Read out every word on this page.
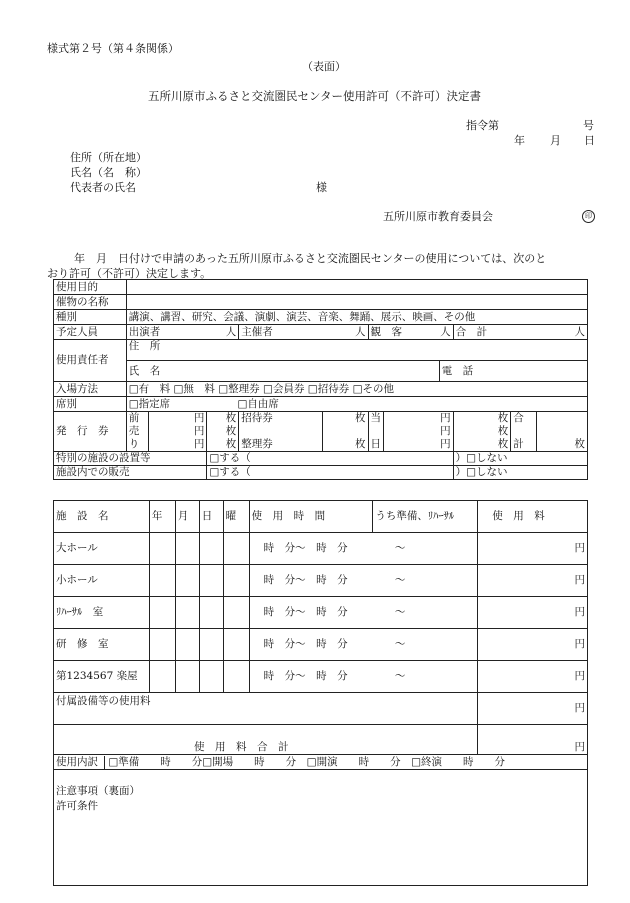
様式第２号（第４条関係）
（表面）
五所川原市ふるさと交流圏民センター使用許可（不許可）決定書
指令第	号
年 月 日
住所（所在地）
氏名（名　称）
代表者の氏名	様
五所川原市教育委員会	印
　　年　月　日付けで申請のあった五所川原市ふるさと交流圏民センターの使用については、次のと
おり許可（不許可）決定します。
使用目的											
催物の名称											
種別	講演、講習、研究、会議、演劇、演芸、音楽、舞踊、展示、映画、その他										
予定人員	出演者 人			主催者 人		観　客 人			合　計 人		

使用責任者	住　所										
	氏　名							電　話			
入場方法	□有　料 □無　料 □整理券 □会員券 □招待券 □その他										
席別	□指定席 □自由席										
発　行　券	前	円	枚	招待券	枚	当	円		枚	合	
	売	円	枚				円		枚		
	り	円	枚	整理券	枚	日	円		枚	計	枚
特別の施設の設置等			□する（						）□しない		
施設内での販売			□する（						）□しない		
施　設　名	年	月	日	曜	使　用　時　間	うち準備、ﾘﾊｰｻﾙ	使　用　料
大ホール					時　分～　時　分	～	円
小ホール					時　分～　時　分	～	円
ﾘﾊｰｻﾙ　室					時　分～　時　分	～	円
研　修　室					時　分～　時　分	～	円
第1234567 楽屋					時　分～　時　分	～	円
付属設備等の使用料							円
使　用　料　合　計							円
使用内訳 □準備　　時　　分□開場　　時　　分　□開演　　時　　分　□終演　　時　　分							

注意事項（裏面）
許可条件							
